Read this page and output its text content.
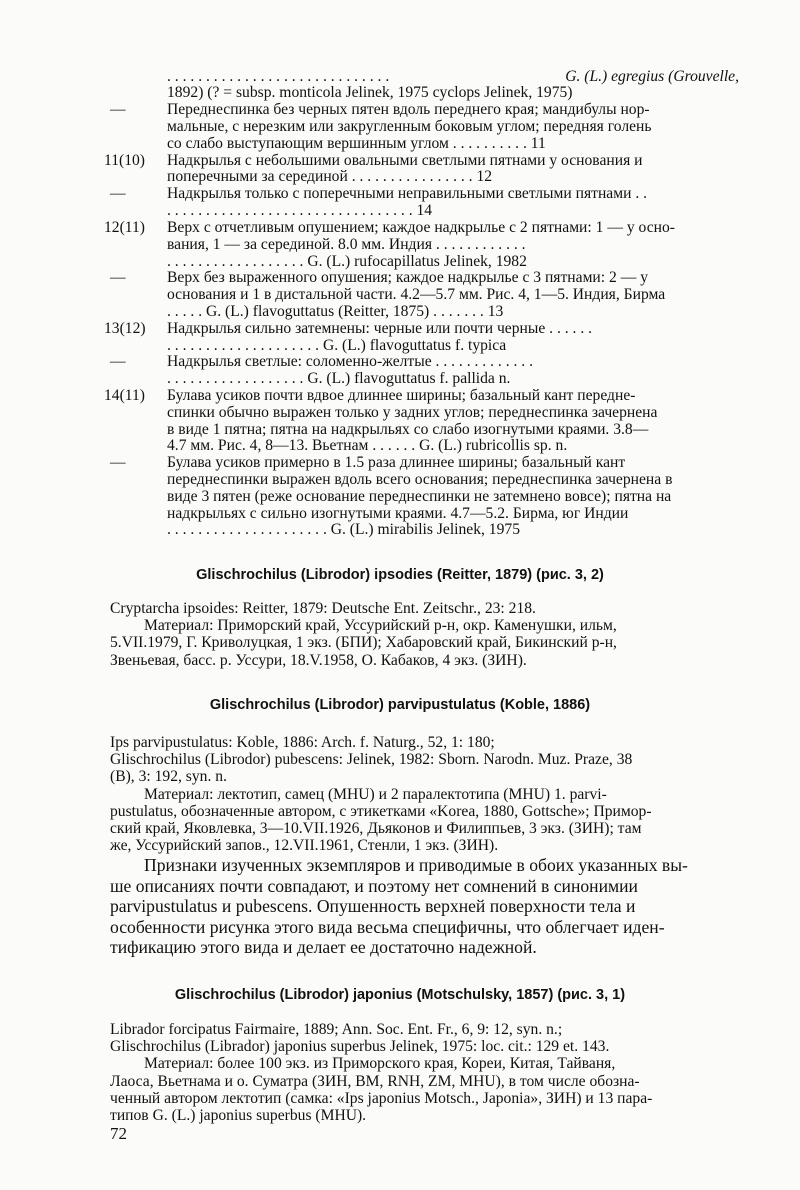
. . . . . . . . . . . . . . . . . . . . . . . . . . . . .	G. (L.) egregius (Grouvelle,
1892) (? = subsp. monticola Jelinek, 1975 cyclops Jelinek, 1975)
—	Переднеспинка без черных пятен вдоль переднего края; мандибулы нор-
мальные, с нерезким или закругленным боковым углом; передняя голень
со слабо выступающим вершинным углом . . . . . . . . . . 11
11(10) Надкрылья с небольшими овальными светлыми пятнами у основания и
поперечными за серединой . . . . . . . . . . . . . . . . 12
—	Надкрылья только с поперечными неправильными светлыми пятнами . .
. . . . . . . . . . . . . . . . . . . . . . . . . . . . . . . . 14
12(11) Верх с отчетливым опушением; каждое надкрылье с 2 пятнами: 1 — у осно-
вания, 1 — за серединой. 8.0 мм. Индия . . . . . . . . . . . .
. . . . . . . . . . . . . . . . . . G. (L.) rufocapillatus Jelinek, 1982
—	Верх без выраженного опушения; каждое надкрылье с 3 пятнами: 2 — у
основания и 1 в дистальной части. 4.2—5.7 мм. Рис. 4, 1—5. Индия, Бирма
. . . . . G. (L.) flavoguttatus (Reitter, 1875) . . . . . . . 13
13(12) Надкрылья сильно затемнены: черные или почти черные . . . . . .
. . . . . . . . . . . . . . . . . . . . G. (L.) flavoguttatus f. typica
—	Надкрылья светлые: соломенно-желтые . . . . . . . . . . . . .
. . . . . . . . . . . . . . . . . . G. (L.) flavoguttatus f. pallida n.
14(11) Булава усиков почти вдвое длиннее ширины; базальный кант передне-
спинки обычно выражен только у задних углов; переднеспинка зачернена
в виде 1 пятна; пятна на надкрыльях со слабо изогнутыми краями. 3.8—
4.7 мм. Рис. 4, 8—13. Вьетнам . . . . . . G. (L.) rubricollis sp. n.
—	Булава усиков примерно в 1.5 раза длиннее ширины; базальный кант
переднеспинки выражен вдоль всего основания; переднеспинка зачернена в
виде 3 пятен (реже основание переднеспинки не затемнено вовсе); пятна на
надкрыльях с сильно изогнутыми краями. 4.7—5.2. Бирма, юг Индии
. . . . . . . . . . . . . . . . . . . . . G. (L.) mirabilis Jelinek, 1975
Glischrochilus (Librodor) ipsodies (Reitter, 1879) (рис. 3, 2)
Cryptarcha ipsoides: Reitter, 1879: Deutsche Ent. Zeitschr., 23: 218.
Материал: Приморский край, Уссурийский р-н, окр. Каменушки, ильм,
5.VII.1979, Г. Криволуцкая, 1 экз. (БПИ); Хабаровский край, Бикинский р-н,
Звеньевая, басс. р. Уссури, 18.V.1958, О. Кабаков, 4 экз. (ЗИН).
Glischrochilus (Librodor) parvipustulatus (Koble, 1886)
Ips parvipustulatus: Koble, 1886: Arch. f. Naturg., 52, 1: 180;
Glischrochilus (Librodor) pubescens: Jelinek, 1982: Sborn. Narodn. Muz. Praze, 38
(B), 3: 192, syn. n.
Материал: лектотип, самец (MHU) и 2 паралектотипа (MHU) 1. parvi-
pustulatus, обозначенные автором, с этикетками «Korea, 1880, Gottsche»; Примор-
ский край, Яковлевка, 3—10.VII.1926, Дьяконов и Филиппьев, 3 экз. (ЗИН); там
же, Уссурийский запов., 12.VII.1961, Стенли, 1 экз. (ЗИН).
Признаки изученных экземпляров и приводимые в обоих указанных вы-
ше описаниях почти совпадают, и поэтому нет сомнений в синонимии
parvipustulatus и pubescens. Опушенность верхней поверхности тела и
особенности рисунка этого вида весьма специфичны, что облегчает иден-
тификацию этого вида и делает ее достаточно надежной.
Glischrochilus (Librodor) japonius (Motschulsky, 1857) (рис. 3, 1)
Librador forcipatus Fairmaire, 1889; Ann. Soc. Ent. Fr., 6, 9: 12, syn. n.;
Glischrochilus (Librador) japonius superbus Jelinek, 1975: loc. cit.: 129 et. 143.
Материал: более 100 экз. из Приморского края, Кореи, Китая, Тайваня,
Лаоса, Вьетнама и о. Суматра (ЗИН, BM, RNH, ZM, MHU), в том числе обозна-
ченный автором лектотип (самка: «Ips japonius Motsch., Japonia», ЗИН) и 13 пара-
типов G. (L.) japonius superbus (MHU).
72
